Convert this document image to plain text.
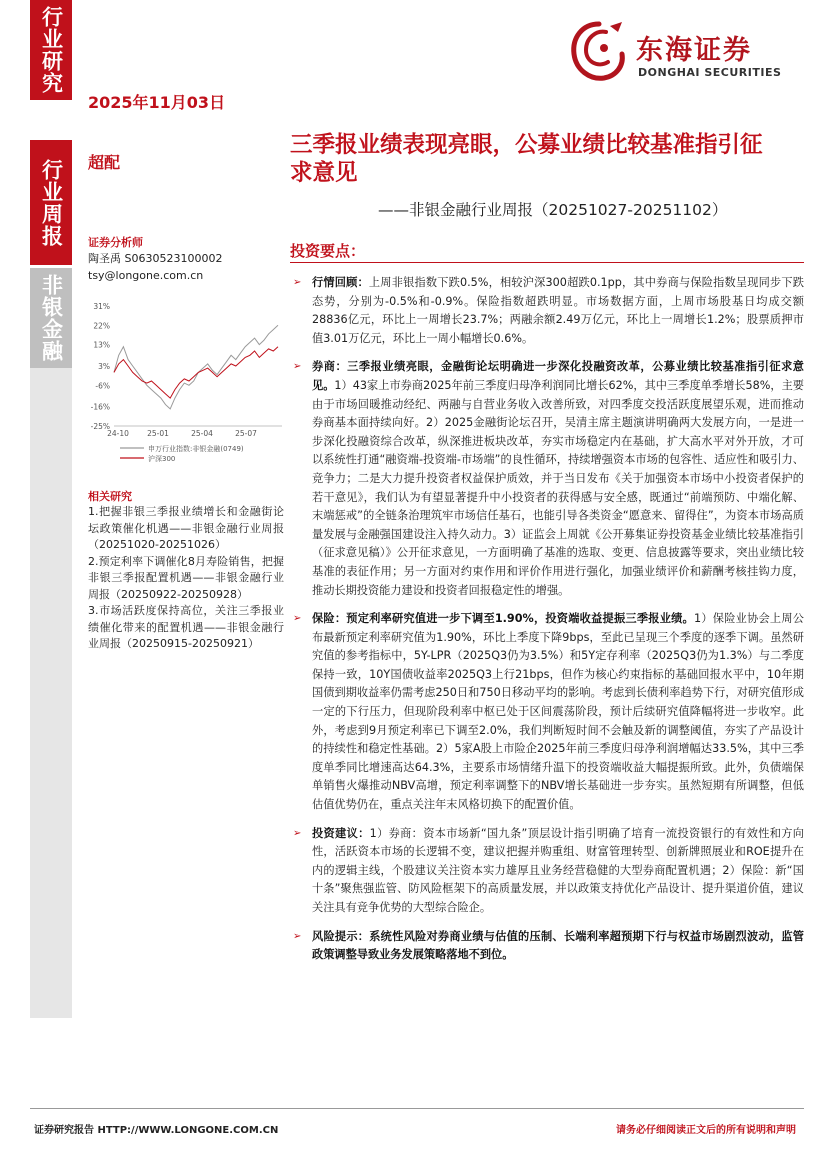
行业研究
行业周报
非银金融
2025年11月03日
东海证券
DONGHAI SECURITIES
超配
三季报业绩表现亮眼，公募业绩比较基准指引征求意见
——非银金融行业周报（20251027-20251102）
证券分析师
陶圣禹 S0630523100002
tsy@longone.com.cn
31%
22%
13%
3%
-6%
-16%
-25%
24-10 25-01	25-04	25-07
申万行业指数:非银金融(0749)
沪深300
相关研究
1.把握非银三季报业绩增长和金融街论坛政策催化机遇——非银金融行业周报（20251020-20251026）
2.预定利率下调催化8月寿险销售，把握非银三季报配置机遇——非银金融行业周报（20250922-20250928）
3.市场活跃度保持高位，关注三季报业绩催化带来的配置机遇——非银金融行业周报（20250915-20250921）
投资要点：
➢ 行情回顾：上周非银指数下跌0.5%，相较沪深300超跌0.1pp，其中券商与保险指数呈现同步下跌态势，分别为-0.5%和-0.9%。保险指数超跌明显。市场数据方面，上周市场股基日均成交额28836亿元，环比上一周增长23.7%；两融余额2.49万亿元，环比上一周增长1.2%；股票质押市值3.01万亿元，环比上一周小幅增长0.6%。
➢ 券商：三季报业绩亮眼，金融街论坛明确进一步深化投融资改革，公募业绩比较基准指引征求意见。1）43家上市券商2025年前三季度归母净利润同比增长62%，其中三季度单季增长58%，主要由于市场回暖推动经纪、两融与自营业务收入改善所致，对四季度交投活跃度展望乐观，进而推动券商基本面持续向好。2）2025金融街论坛召开，吴清主席主题演讲明确两大发展方向，一是进一步深化投融资综合改革，纵深推进板块改革，夯实市场稳定内在基础，扩大高水平对外开放，才可以系统性打通“融资端-投资端-市场端”的良性循环，持续增强资本市场的包容性、适应性和吸引力、竞争力；二是大力提升投资者权益保护质效，并于当日发布《关于加强资本市场中小投资者保护的若干意见》，我们认为有望显著提升中小投资者的获得感与安全感，既通过“前端预防、中端化解、末端惩戒”的全链条治理筑牢市场信任基石，也能引导各类资金“愿意来、留得住”，为资本市场高质量发展与金融强国建设注入持久动力。3）证监会上周就《公开募集证券投资基金业绩比较基准指引（征求意见稿）》公开征求意见，一方面明确了基准的选取、变更、信息披露等要求，突出业绩比较基准的表征作用；另一方面对约束作用和评价作用进行强化，加强业绩评价和薪酬考核挂钩力度，推动长期投资能力建设和投资者回报稳定性的增强。
➢ 保险：预定利率研究值进一步下调至1.90%，投资端收益提振三季报业绩。1）保险业协会上周公布最新预定利率研究值为1.90%，环比上季度下降9bps，至此已呈现三个季度的逐季下调。虽然研究值的参考指标中，5Y-LPR（2025Q3仍为3.5%）和5Y定存利率（2025Q3仍为1.3%）与二季度保持一致，10Y国债收益率2025Q3上行21bps，但作为核心约束指标的基础回报水平中，10年期国债到期收益率仍需考虑250日和750日移动平均的影响。考虑到长债利率趋势下行，对研究值形成一定的下行压力，但现阶段利率中枢已处于区间震荡阶段，预计后续研究值降幅将进一步收窄。此外，考虑到9月预定利率已下调至2.0%，我们判断短时间不会触及新的调整阈值，夯实了产品设计的持续性和稳定性基础。2）5家A股上市险企2025年前三季度归母净利润增幅达33.5%，其中三季度单季同比增速高达64.3%，主要系市场情绪升温下的投资端收益大幅提振所致。此外，负债端保单销售火爆推动NBV高增，预定利率调整下的NBV增长基础进一步夯实。虽然短期有所调整，但低估值优势仍在，重点关注年末风格切换下的配置价值。
➢ 投资建议：1）券商：资本市场新“国九条”顶层设计指引明确了培育一流投资银行的有效性和方向性，活跃资本市场的长逻辑不变，建议把握并购重组、财富管理转型、创新牌照展业和ROE提升在内的逻辑主线，个股建议关注资本实力雄厚且业务经营稳健的大型券商配置机遇；2）保险：新“国十条”聚焦强监管、防风险框架下的高质量发展，并以政策支持优化产品设计、提升渠道价值，建议关注具有竞争优势的大型综合险企。
➢ 风险提示：系统性风险对券商业绩与估值的压制、长端利率超预期下行与权益市场剧烈波动，监管政策调整导致业务发展策略落地不到位。
证券研究报告 HTTP://WWW.LONGONE.COM.CN	请务必仔细阅读正文后的所有说明和声明
